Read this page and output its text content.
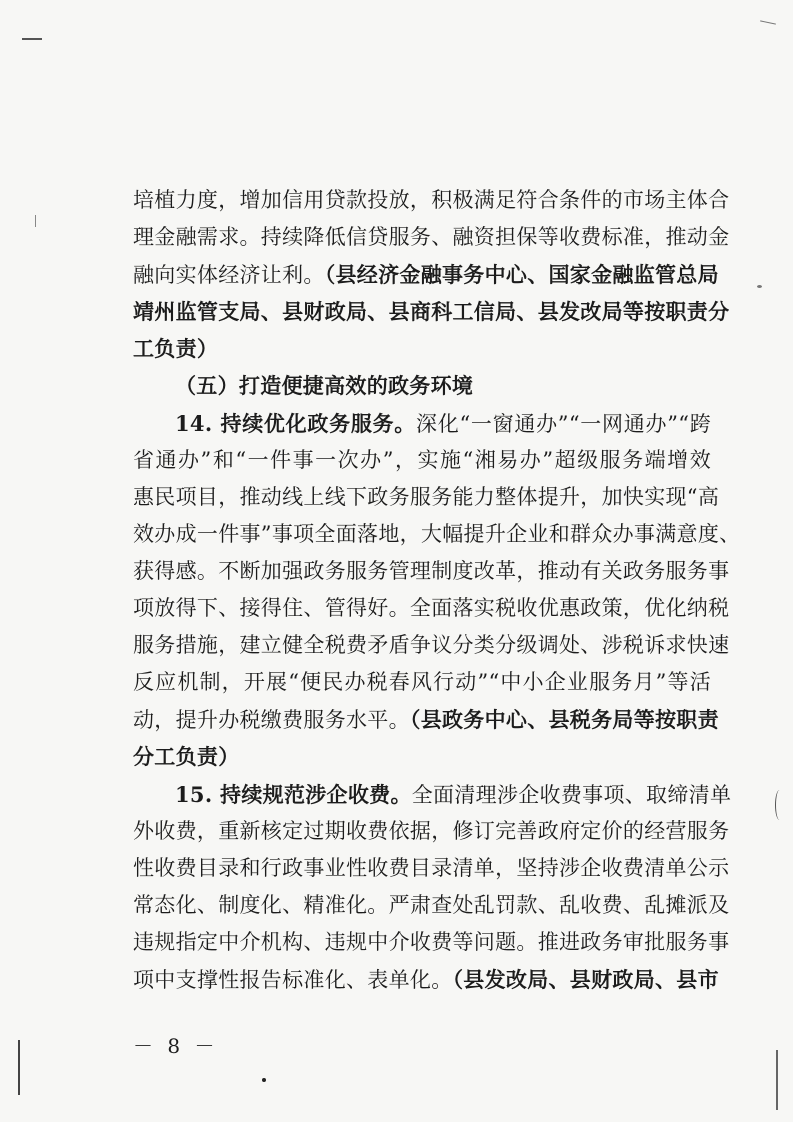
培植力度，增加信用贷款投放，积极满足符合条件的市场主体合
理金融需求。持续降低信贷服务、融资担保等收费标准，推动金
融向实体经济让利。（县经济金融事务中心、国家金融监管总局
靖州监管支局、县财政局、县商科工信局、县发改局等按职责分
工负责）
（五）打造便捷高效的政务环境
14. 持续优化政务服务。深化“一窗通办”“一网通办”“跨
省通办”和“一件事一次办”，实施“湘易办”超级服务端增效
惠民项目，推动线上线下政务服务能力整体提升，加快实现“高
效办成一件事”事项全面落地，大幅提升企业和群众办事满意度、
获得感。不断加强政务服务管理制度改革，推动有关政务服务事
项放得下、接得住、管得好。全面落实税收优惠政策，优化纳税
服务措施，建立健全税费矛盾争议分类分级调处、涉税诉求快速
反应机制，开展“便民办税春风行动”“中小企业服务月”等活
动，提升办税缴费服务水平。（县政务中心、县税务局等按职责
分工负责）
15. 持续规范涉企收费。全面清理涉企收费事项、取缔清单
外收费，重新核定过期收费依据，修订完善政府定价的经营服务
性收费目录和行政事业性收费目录清单，坚持涉企收费清单公示
常态化、制度化、精准化。严肃查处乱罚款、乱收费、乱摊派及
违规指定中介机构、违规中介收费等问题。推进政务审批服务事
项中支撑性报告标准化、表单化。（县发改局、县财政局、县市
－ 8 －
